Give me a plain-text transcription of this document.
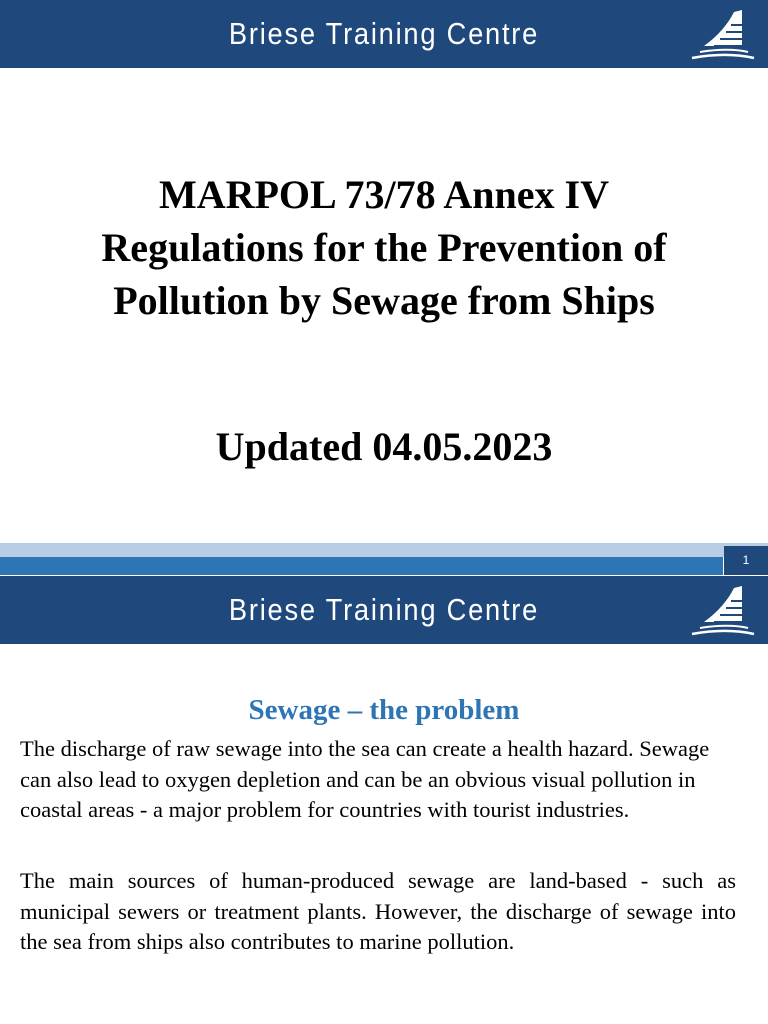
Briese Training Centre
MARPOL 73/78 Annex IV
Regulations for the Prevention of
Pollution by Sewage from Ships
Updated 04.05.2023
1
Briese Training Centre
Sewage – the problem
The discharge of raw sewage into the sea can create a health hazard. Sewage can also lead to oxygen depletion and can be an obvious visual pollution in coastal areas - a major problem for countries with tourist industries.
The main sources of human-produced sewage are land-based - such as municipal sewers or treatment plants. However, the discharge of sewage into the sea from ships also contributes to marine pollution.
